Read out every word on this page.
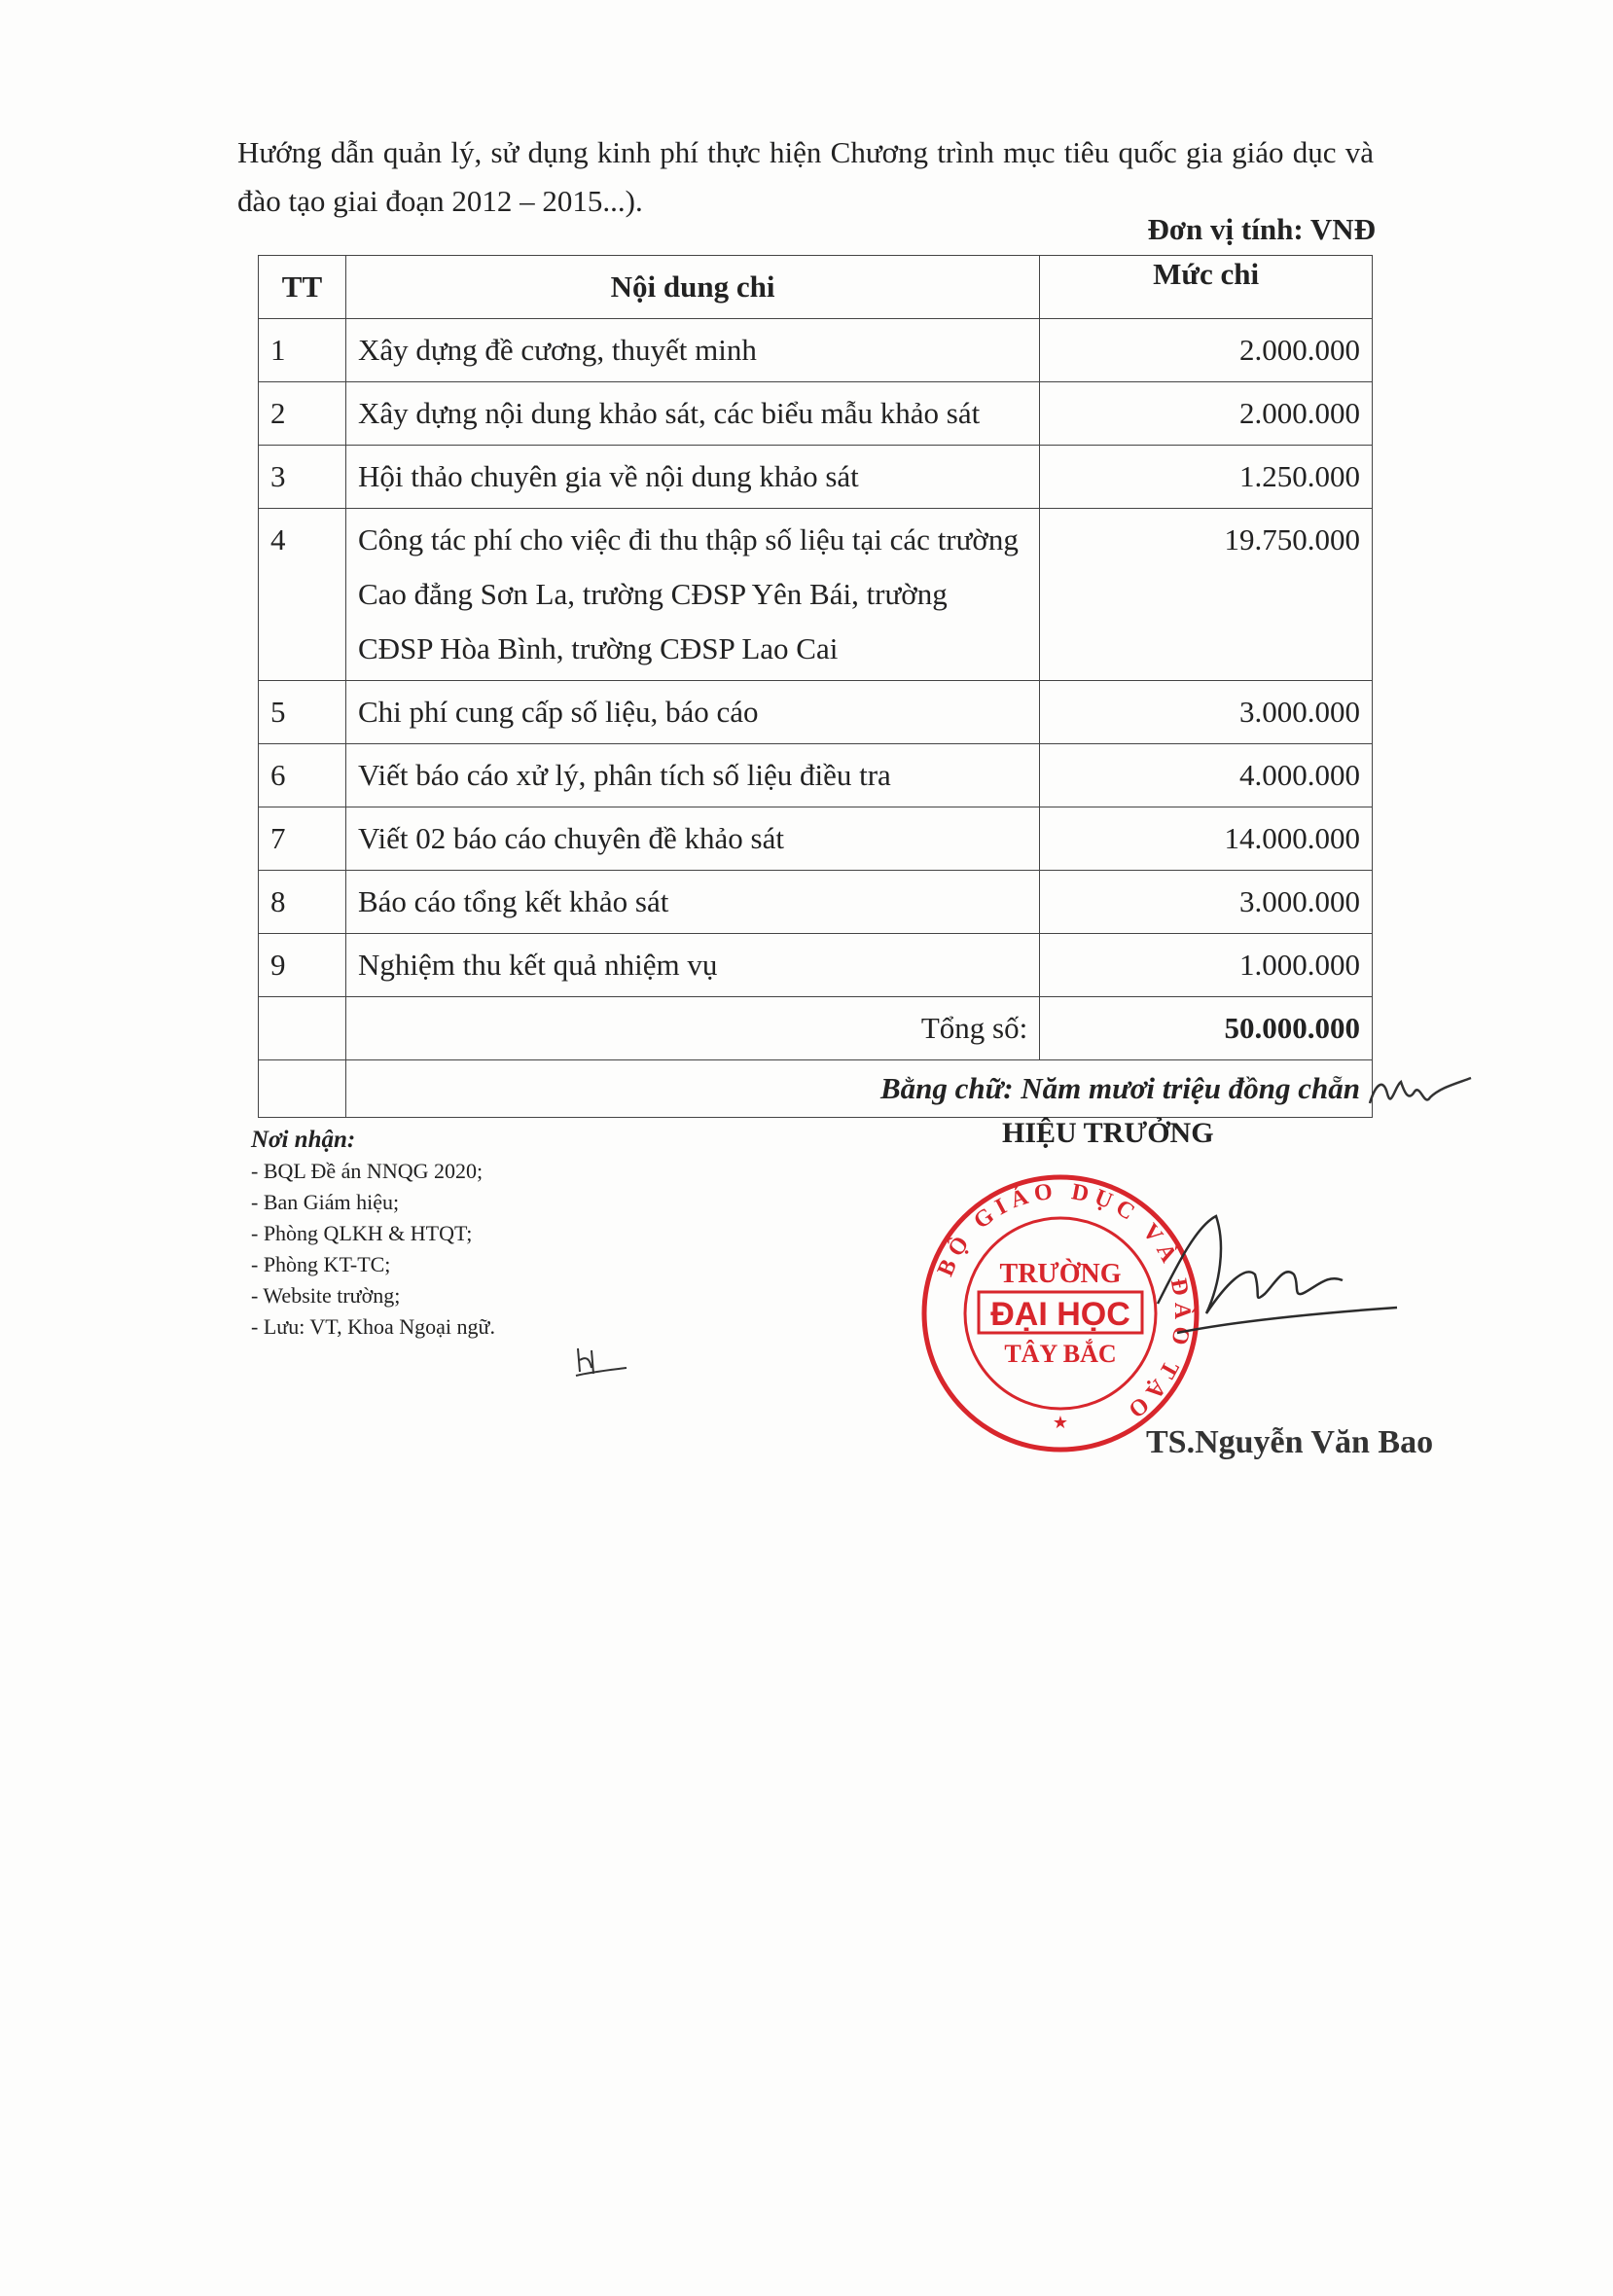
Hướng dẫn quản lý, sử dụng kinh phí thực hiện Chương trình mục tiêu quốc gia giáo dục và đào tạo giai đoạn 2012 – 2015...).
Đơn vị tính: VNĐ
TT	Nội dung chi	Mức chi
1	Xây dựng đề cương, thuyết minh	2.000.000
2	Xây dựng nội dung khảo sát, các biểu mẫu khảo sát	2.000.000
3	Hội thảo chuyên gia về nội dung khảo sát	1.250.000
4	Công tác phí cho việc đi thu thập số liệu tại các trường Cao đẳng Sơn La, trường CĐSP Yên Bái, trường CĐSP Hòa Bình, trường CĐSP Lao Cai	19.750.000
5	Chi phí cung cấp số liệu, báo cáo	3.000.000
6	Viết báo cáo xử lý, phân tích số liệu điều tra	4.000.000
7	Viết 02 báo cáo chuyên đề khảo sát	14.000.000
8	Báo cáo tổng kết khảo sát	3.000.000
9	Nghiệm thu kết quả nhiệm vụ	1.000.000
	Tổng số:	50.000.000
	Bằng chữ: Năm mươi triệu đồng chẵn	
Nơi nhận:
- BQL Đề án NNQG 2020;
- Ban Giám hiệu;
- Phòng QLKH & HTQT;
- Phòng KT-TC;
- Website trường;
- Lưu: VT, Khoa Ngoại ngữ.
HIỆU TRƯỞNG
BỘ GIÁO DỤC VÀ ĐÀO TẠO
TRƯỜNG
ĐẠI HỌC
TÂY BẮC
★
TS.Nguyễn Văn Bao
